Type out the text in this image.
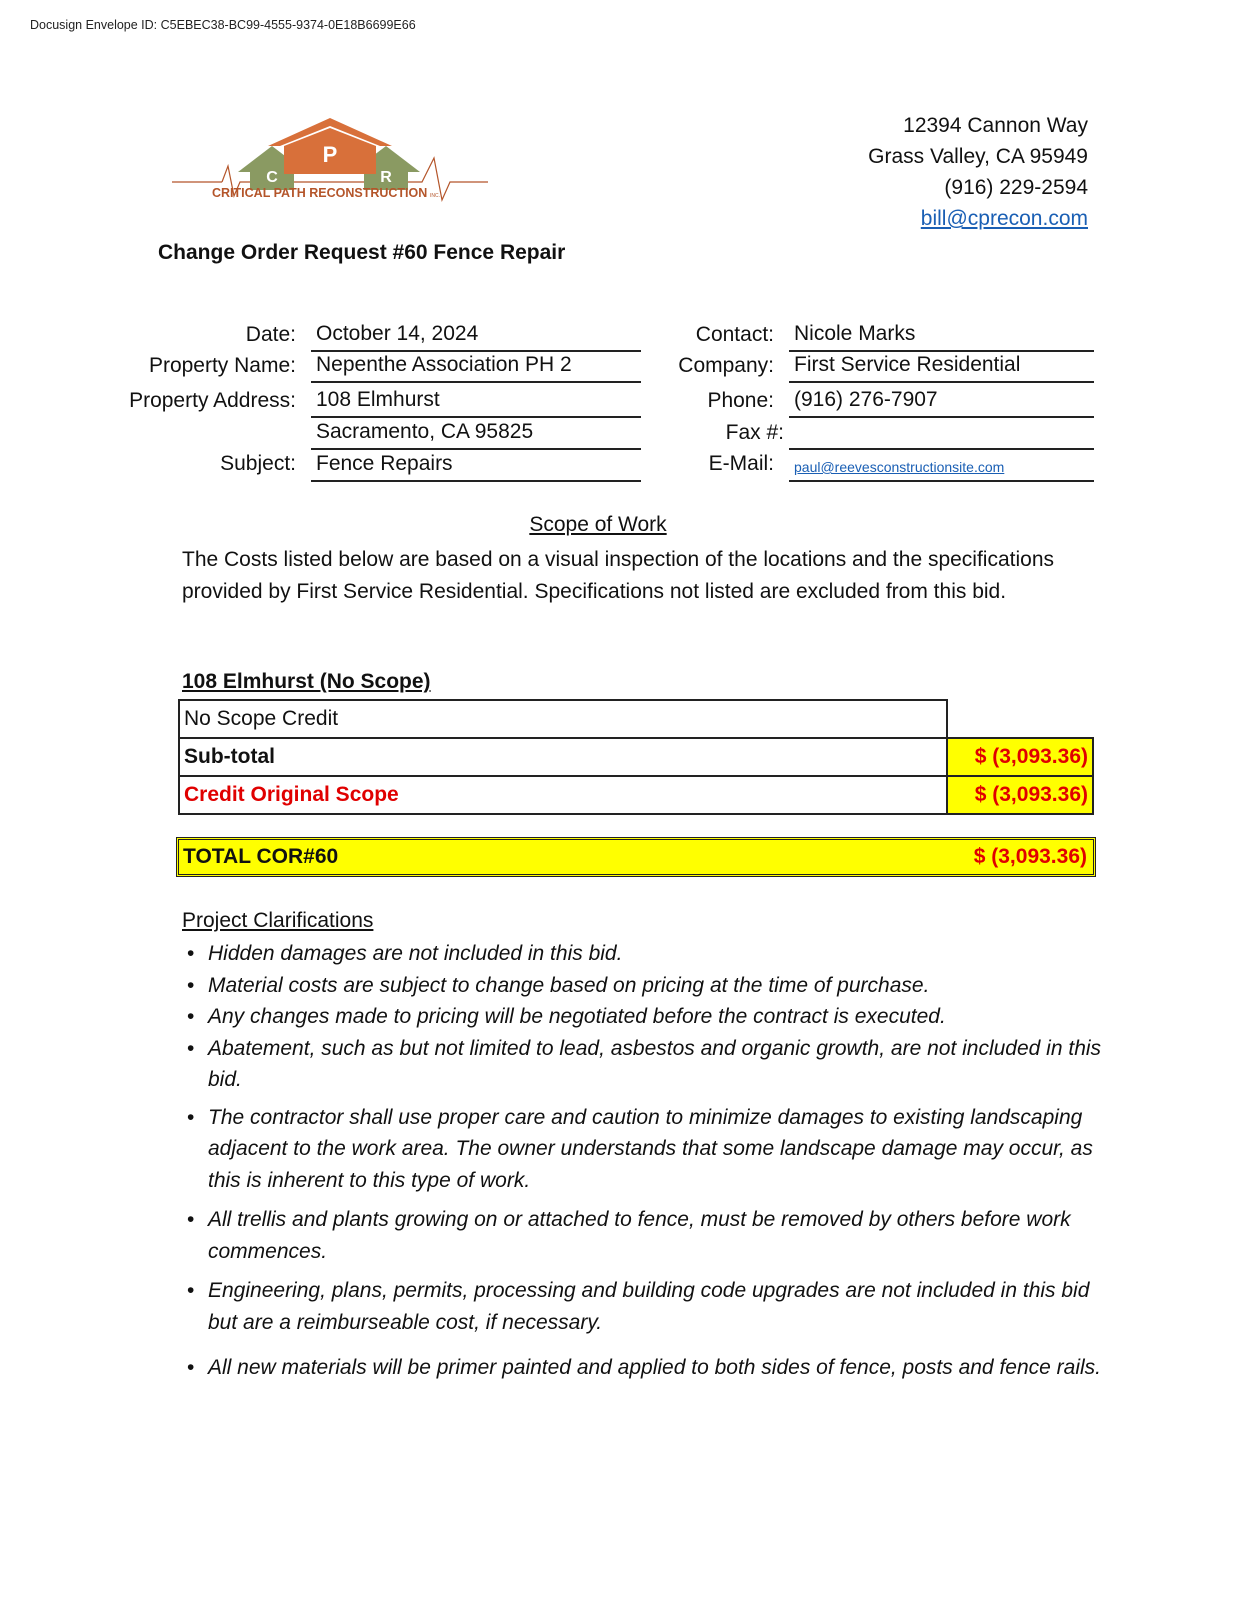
Docusign Envelope ID: C5EBEC38-BC99-4555-9374-0E18B6699E66
P
C	R
CRITICAL PATH RECONSTRUCTION INC.
12394 Cannon Way
Grass Valley, CA 95949
(916) 229-2594
bill@cprecon.com
Change Order Request #60 Fence Repair
Date: October 14, 2024
Property Name: Nepenthe Association PH 2
Property Address: 108 Elmhurst
Sacramento, CA 95825
Subject: Fence Repairs
Contact: Nicole Marks
Company: First Service Residential
Phone: (916) 276-7907
Fax #:
E-Mail:	paul@reevesconstructionsite.com
Scope of Work
The Costs listed below are based on a visual inspection of the locations and the specifications provided by First Service Residential. Specifications not listed are excluded from this bid.
108 Elmhurst (No Scope)
No Scope Credit	
Sub-total	$ (3,093.36)
Credit Original Scope	$ (3,093.36)
TOTAL COR#60	$ (3,093.36)
Project Clarifications
• Hidden damages are not included in this bid.
• Material costs are subject to change based on pricing at the time of purchase.
• Any changes made to pricing will be negotiated before the contract is executed.
• Abatement, such as but not limited to lead, asbestos and organic growth, are not included in this bid.
• The contractor shall use proper care and caution to minimize damages to existing landscaping adjacent to the work area. The owner understands that some landscape damage may occur, as this is inherent to this type of work.
• All trellis and plants growing on or attached to fence, must be removed by others before work commences.
• Engineering, plans, permits, processing and building code upgrades are not included in this bid but are a reimburseable cost, if necessary.
• All new materials will be primer painted and applied to both sides of fence, posts and fence rails.
